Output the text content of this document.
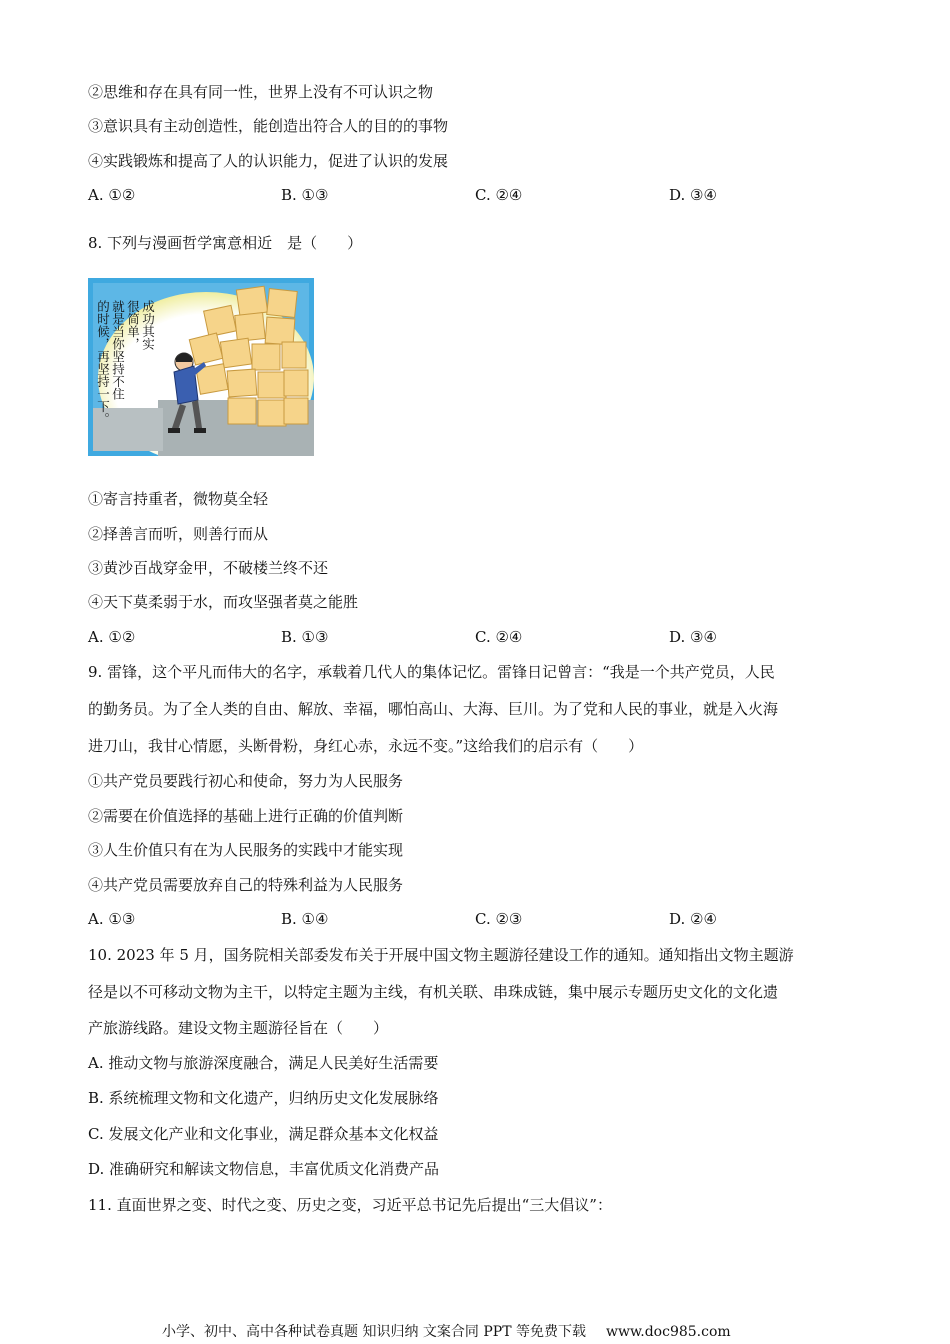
②思维和存在具有同一性，世界上没有不可认识之物
③意识具有主动创造性，能创造出符合人的目的的事物
④实践锻炼和提高了人的认识能力，促进了认识的发展
A. ①②	B. ①③	C. ②④	D. ③④
8. 下列与漫画哲学寓意相近　是（　　）
成功其实
很简单，
就是当你坚持不住
的时候，再坚持一下。
①寄言持重者，微物莫全轻
②择善言而听，则善行而从
③黄沙百战穿金甲，不破楼兰终不还
④天下莫柔弱于水，而攻坚强者莫之能胜
A. ①②	B. ①③	C. ②④	D. ③④
9. 雷锋，这个平凡而伟大的名字，承载着几代人的集体记忆。雷锋日记曾言：“我是一个共产党员，人民
的勤务员。为了全人类的自由、解放、幸福，哪怕高山、大海、巨川。为了党和人民的事业，就是入火海
进刀山，我甘心情愿，头断骨粉，身红心赤，永远不变。”这给我们的启示有（　　）
①共产党员要践行初心和使命，努力为人民服务
②需要在价值选择的基础上进行正确的价值判断
③人生价值只有在为人民服务的实践中才能实现
④共产党员需要放弃自己的特殊利益为人民服务
A. ①③	B. ①④	C. ②③	D. ②④
10. 2023 年 5 月，国务院相关部委发布关于开展中国文物主题游径建设工作的通知。通知指出文物主题游
径是以不可移动文物为主干，以特定主题为主线，有机关联、串珠成链，集中展示专题历史文化的文化遗
产旅游线路。建设文物主题游径旨在（　　）
A. 推动文物与旅游深度融合，满足人民美好生活需要
B. 系统梳理文物和文化遗产，归纳历史文化发展脉络
C. 发展文化产业和文化事业，满足群众基本文化权益
D. 准确研究和解读文物信息，丰富优质文化消费产品
11. 直面世界之变、时代之变、历史之变，习近平总书记先后提出“三大倡议”：
小学、初中、高中各种试卷真题 知识归纳 文案合同 PPT 等免费下载 www.doc985.com
